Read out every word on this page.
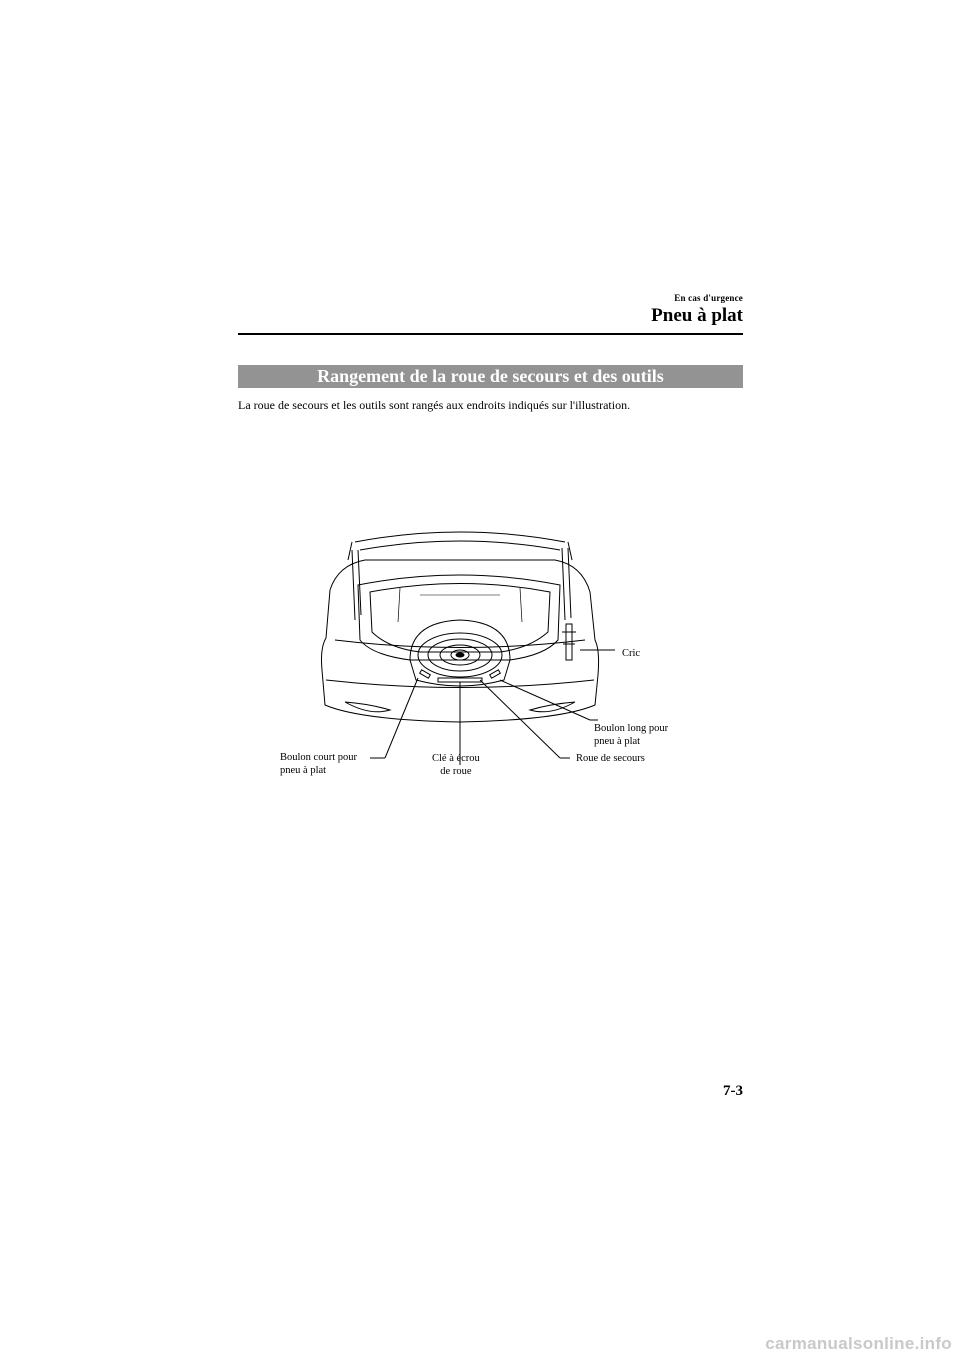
En cas d'urgence
Pneu à plat
Rangement de la roue de secours et des outils
La roue de secours et les outils sont rangés aux endroits indiqués sur l'illustration.
Cric
Boulon long pour
pneu à plat
Boulon court pour
pneu à plat
Clé à écrou
de roue
Roue de secours
7-3
carmanualsonline.info
